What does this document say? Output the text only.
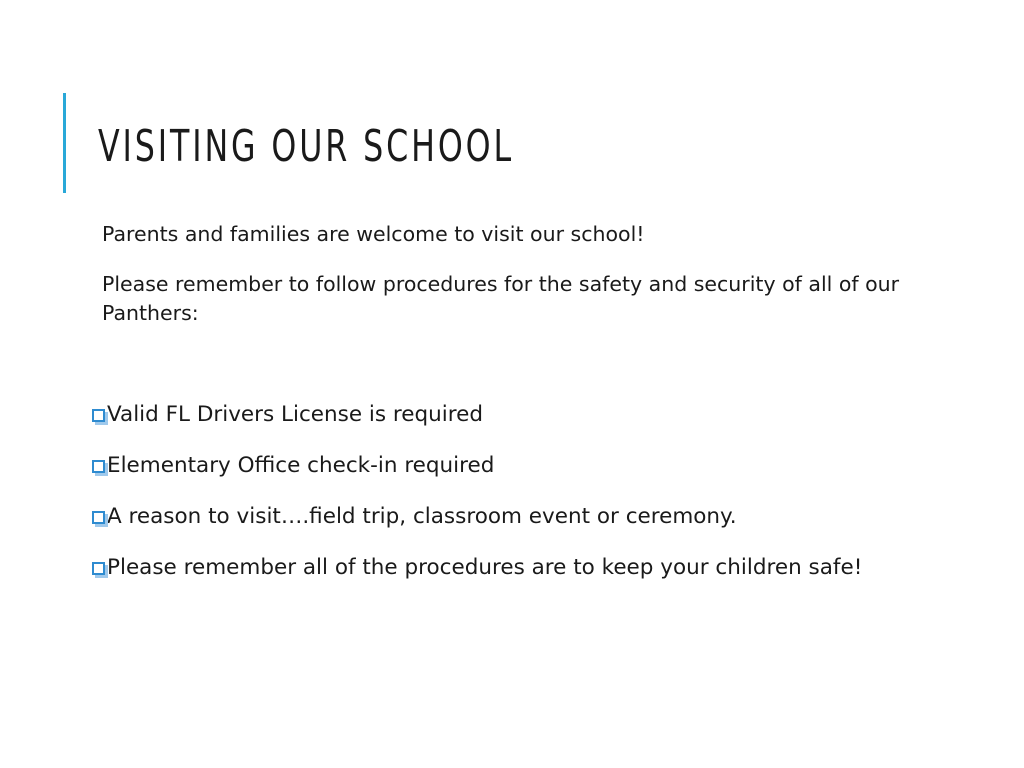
VISITING OUR SCHOOL

Parents and families are welcome to visit our school!

Please remember to follow procedures for the safety and security of all of our Panthers:

Valid FL Drivers License is required
Elementary Office check-in required
A reason to visit….field trip, classroom event or ceremony.
Please remember all of the procedures are to keep your children safe!
